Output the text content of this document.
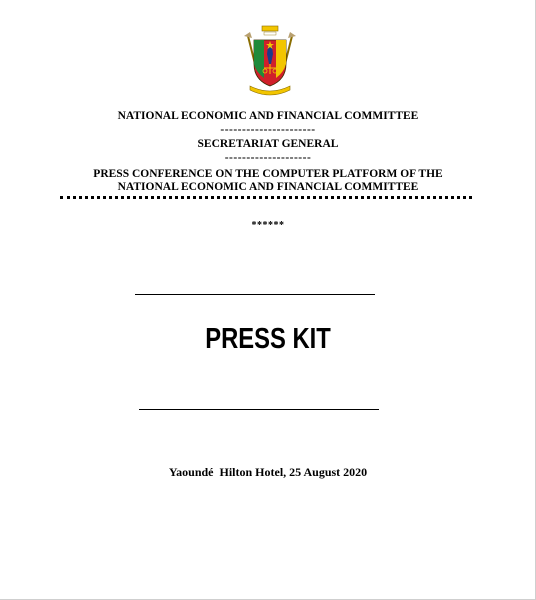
NATIONAL ECONOMIC AND FINANCIAL COMMITTEE
----------------------
SECRETARIAT GENERAL
--------------------
PRESS CONFERENCE ON THE COMPUTER PLATFORM OF THE
NATIONAL ECONOMIC AND FINANCIAL COMMITTEE
******
PRESS KIT
Yaoundé  Hilton Hotel, 25 August 2020
